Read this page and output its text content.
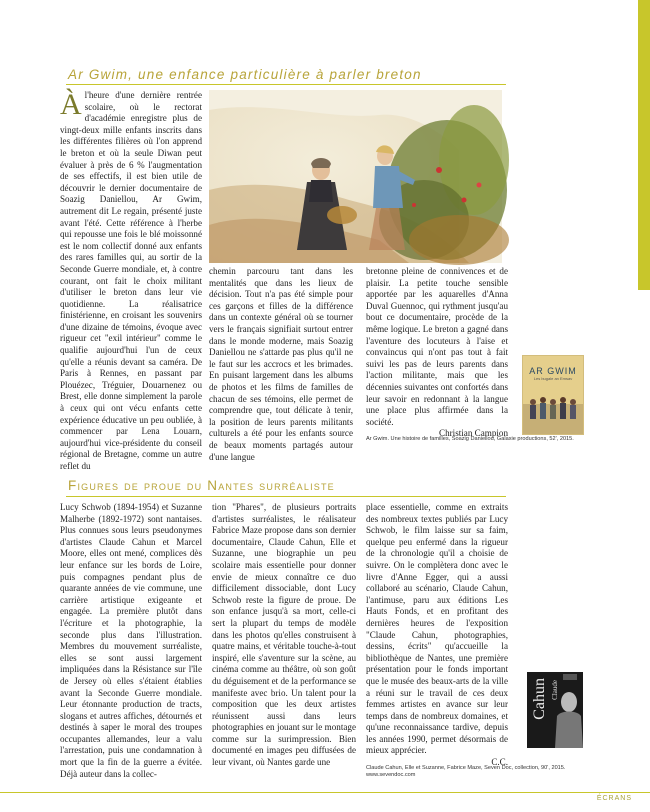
Ar Gwim, une enfance particulière à parler breton
À l'heure d'une dernière rentrée scolaire, où le rectorat d'académie enregistre plus de vingt-deux mille enfants inscrits dans les différentes filières où l'on apprend le breton et où la seule Diwan peut évaluer à près de 6 % l'augmentation de ses effectifs, il est bien utile de découvrir le dernier documentaire de Soazig Daniellou, Ar Gwim, autrement dit Le regain, présenté juste avant l'été. Cette référence à l'herbe qui repousse une fois le blé moissonné est le nom collectif donné aux enfants des rares familles qui, au sortir de la Seconde Guerre mondiale, et, à contre courant, ont fait le choix militant d'utiliser le breton dans leur vie quotidienne. La réalisatrice finistérienne, en croisant les souvenirs d'une dizaine de témoins, évoque avec rigueur cet "exil intérieur" comme le qualifie aujourd'hui l'un de ceux qu'elle a réunis devant sa caméra. De Paris à Rennes, en passant par Plouézec, Tréguier, Douarnenez ou Brest, elle donne simplement la parole à ceux qui ont vécu enfants cette expérience éducative un peu oubliée, à commencer par Lena Louarn, aujourd'hui vice-présidente du conseil régional de Bretagne, comme un autre reflet du
chemin parcouru tant dans les mentalités que dans les lieux de décision. Tout n'a pas été simple pour ces garçons et filles de la différence dans un contexte général où se tourner vers le français signifiait surtout entrer dans le monde moderne, mais Soazig Daniellou ne s'attarde pas plus qu'il ne le faut sur les accrocs et les brimades. En puisant largement dans les albums de photos et les films de familles de chacun de ses témoins, elle permet de comprendre que, tout délicate à tenir, la position de leurs parents militants culturels a été pour les enfants source de beaux moments partagés autour d'une langue
bretonne pleine de connivences et de plaisir. La petite touche sensible apportée par les aquarelles d'Anna Duval Guennoc, qui rythment jusqu'au bout ce documentaire, procède de la même logique. Le breton a gagné dans l'aventure des locuteurs à l'aise et convaincus qui n'ont pas tout à fait suivi les pas de leurs parents dans l'action militante, mais que les décennies suivantes ont confortés dans leur savoir en redonnant à la langue une place plus affirmée dans la société.
Christian Campion
AR GWIM
Les bugale an Emsav
Ar Gwim. Une histoire de familles, Soazig Daniellou, Galaxie productions, 52', 2015.
Figures de proue du Nantes surréaliste
Lucy Schwob (1894-1954) et Suzanne Malherbe (1892-1972) sont nantaises. Plus connues sous leurs pseudonymes d'artistes Claude Cahun et Marcel Moore, elles ont mené, complices dès leur enfance sur les bords de Loire, puis compagnes pendant plus de quarante années de vie commune, une carrière artistique exigeante et engagée. La première plutôt dans l'écriture et la photographie, la seconde plus dans l'illustration. Membres du mouvement surréaliste, elles se sont aussi largement impliquées dans la Résistance sur l'île de Jersey où elles s'étaient établies avant la Seconde Guerre mondiale. Leur étonnante production de tracts, slogans et autres affiches, détournés et destinés à saper le moral des troupes occupantes allemandes, leur a valu l'arrestation, puis une condamnation à mort que la fin de la guerre a évitée. Déjà auteur dans la collec-
tion "Phares", de plusieurs portraits d'artistes surréalistes, le réalisateur Fabrice Maze propose dans son dernier documentaire, Claude Cahun, Elle et Suzanne, une biographie un peu scolaire mais essentielle pour donner envie de mieux connaître ce duo difficilement dissociable, dont Lucy Schwob reste la figure de proue. De son enfance jusqu'à sa mort, celle-ci sert la plupart du temps de modèle dans les photos qu'elles construisent à quatre mains, et véritable touche-à-tout inspiré, elle s'aventure sur la scène, au cinéma comme au théâtre, où son goût du déguisement et de la performance se manifeste avec brio. Un talent pour la composition que les deux artistes réunissent aussi dans leurs photographies en jouant sur le montage comme sur la surimpression. Bien documenté en images peu diffusées de leur vivant, où Nantes garde une
place essentielle, comme en extraits des nombreux textes publiés par Lucy Schwob, le film laisse sur sa faim, quelque peu enfermé dans la rigueur de la chronologie qu'il a choisie de suivre. On le complètera donc avec le livre d'Anne Egger, qui a aussi collaboré au scénario, Claude Cahun, l'antimuse, paru aux éditions Les Hauts Fonds, et en profitant des dernières heures de l'exposition "Claude Cahun, photographies, dessins, écrits" qu'accueille la bibliothèque de Nantes, une première présentation pour le fonds important que le musée des beaux-arts de la ville a réuni sur le travail de ces deux femmes artistes en avance sur leur temps dans de nombreux domaines, et qu'une reconnaissance tardive, depuis les années 1990, permet désormais de mieux apprécier.
C.C.
Claude
Cahun
Claude Cahun, Elle et Suzanne, Fabrice Maze, Seven Doc, collection, 90', 2015. www.sevendoc.com
ÉCRANS
